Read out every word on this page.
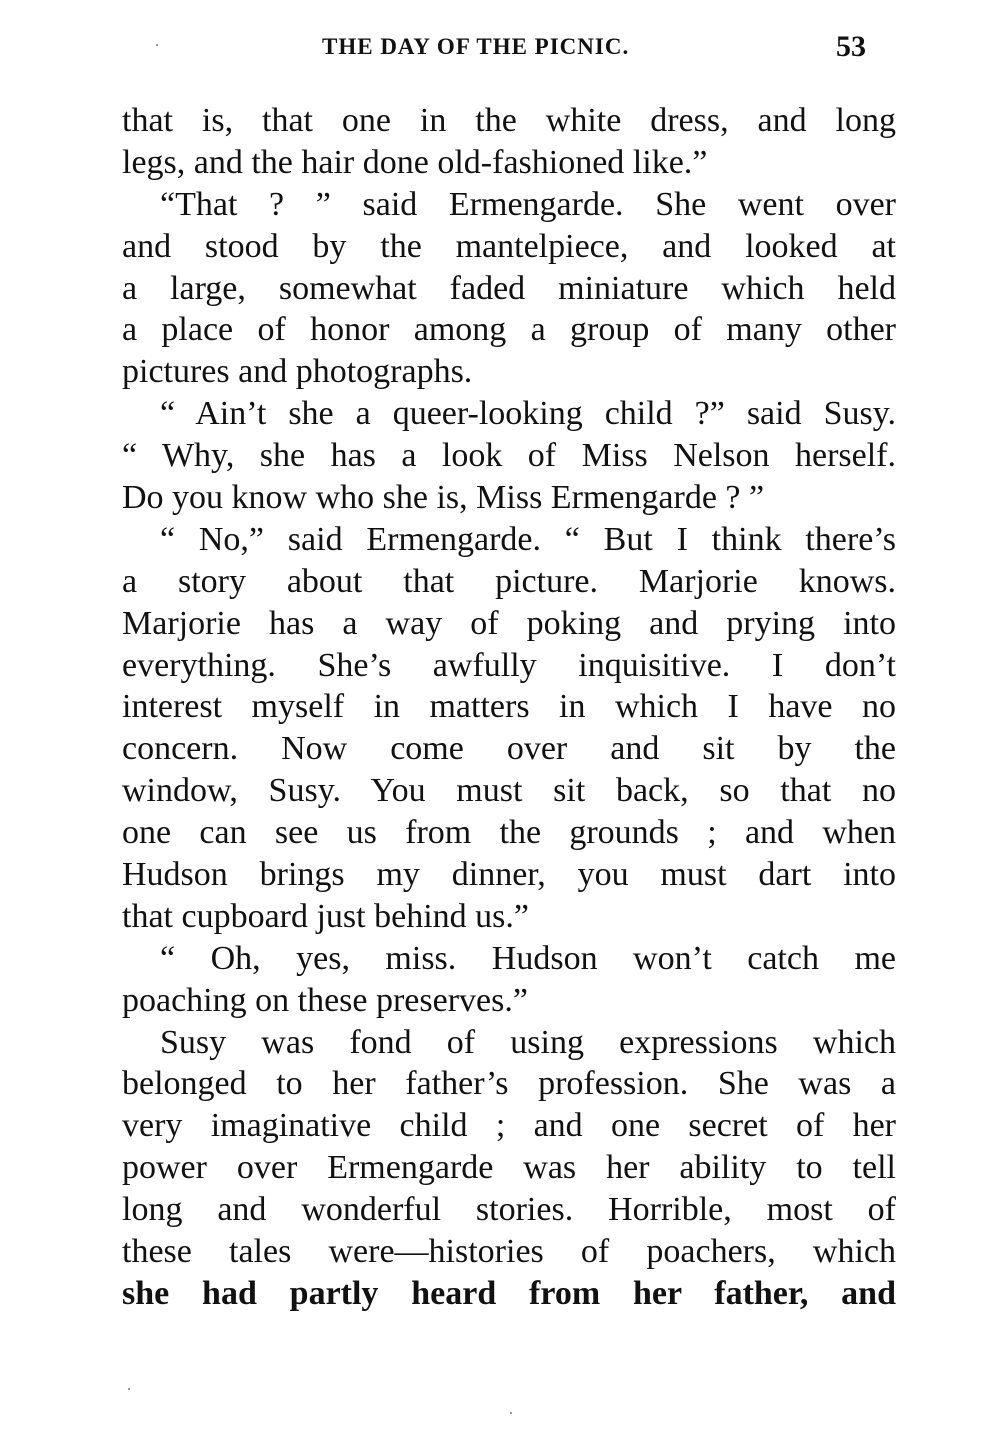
THE DAY OF THE PICNIC.	53
that is, that one in the white dress, and long
legs, and the hair done old-fashioned like.”
“That ? ” said Ermengarde. She went over
and stood by the mantelpiece, and looked at
a large, somewhat faded miniature which held
a place of honor among a group of many other
pictures and photographs.
“ Ain’t she a queer-looking child ?” said Susy.
“ Why, she has a look of Miss Nelson herself.
Do you know who she is, Miss Ermengarde ? ”
“ No,” said Ermengarde. “ But I think there’s
a story about that picture. Marjorie knows.
Marjorie has a way of poking and prying into
everything. She’s awfully inquisitive. I don’t
interest myself in matters in which I have no
concern. Now come over and sit by the
window, Susy. You must sit back, so that no
one can see us from the grounds ; and when
Hudson brings my dinner, you must dart into
that cupboard just behind us.”
“ Oh, yes, miss. Hudson won’t catch me
poaching on these preserves.”
Susy was fond of using expressions which
belonged to her father’s profession. She was a
very imaginative child ; and one secret of her
power over Ermengarde was her ability to tell
long and wonderful stories. Horrible, most of
these tales were—histories of poachers, which
she had partly heard from her father, and
